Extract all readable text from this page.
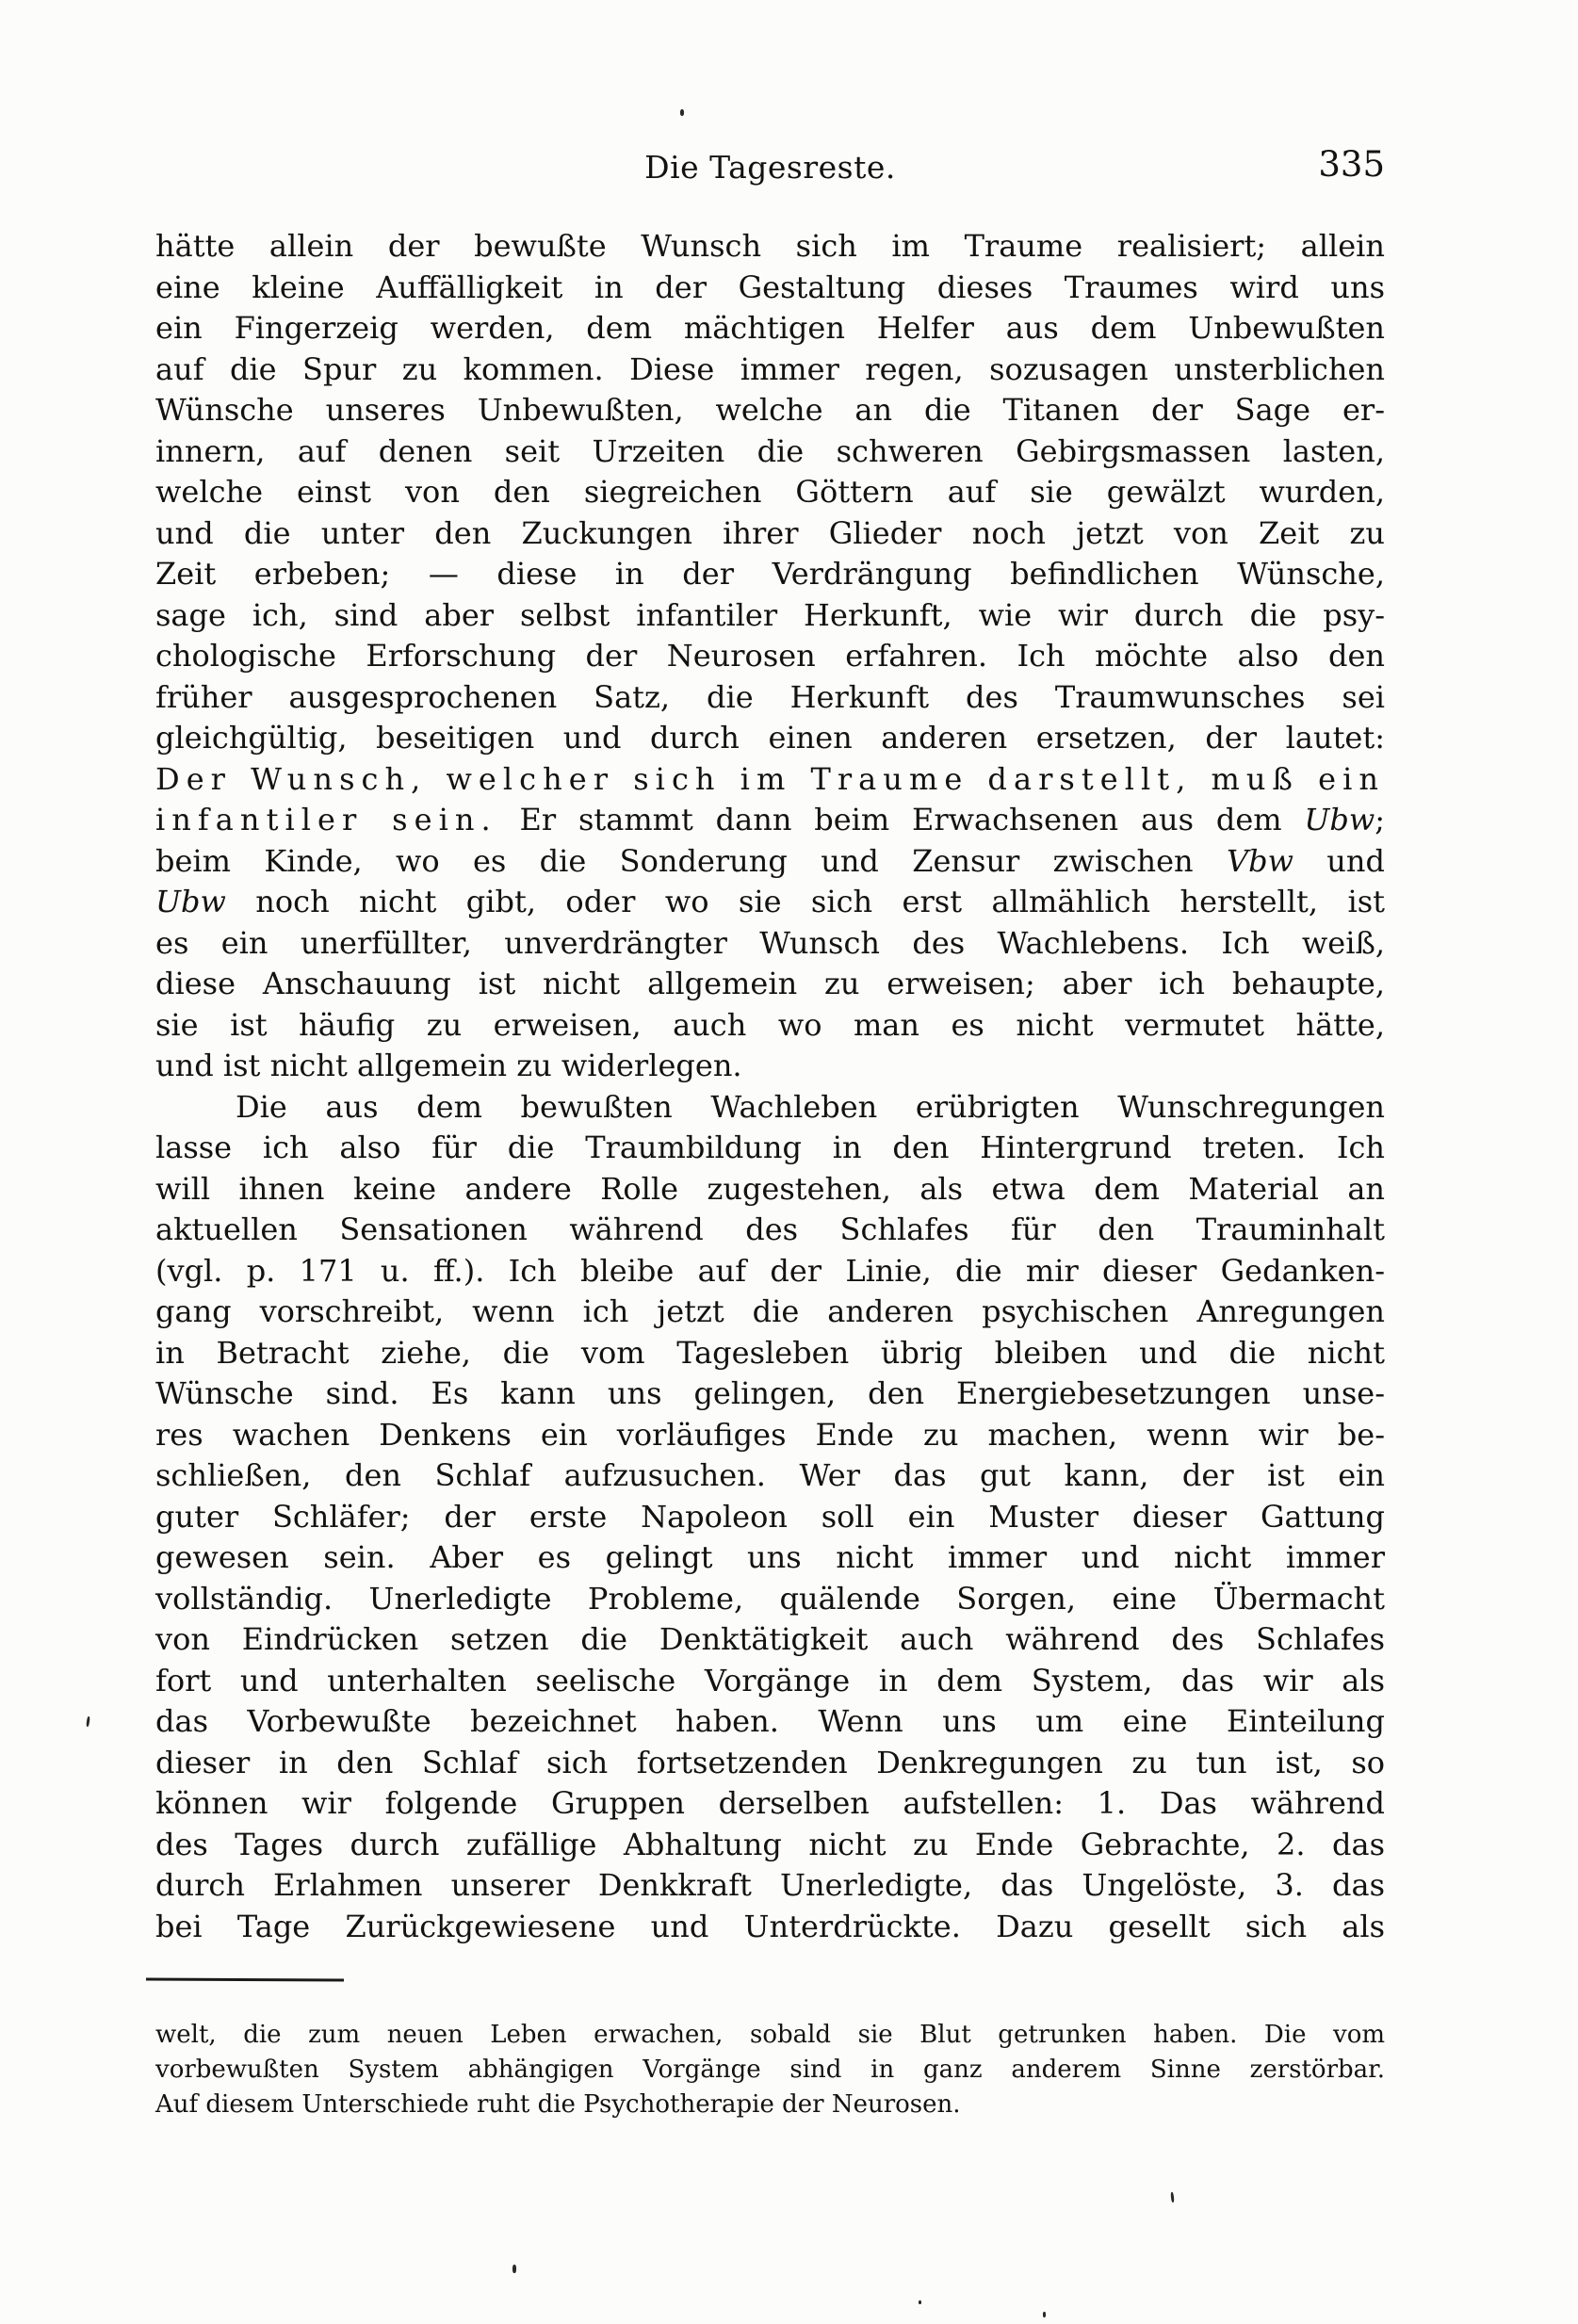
Die Tagesreste.	335
hätte allein der bewußte Wunsch sich im Traume realisiert; allein
eine kleine Auffälligkeit in der Gestaltung dieses Traumes wird uns
ein Fingerzeig werden, dem mächtigen Helfer aus dem Unbewußten
auf die Spur zu kommen. Diese immer regen, sozusagen unsterblichen
Wünsche unseres Unbewußten, welche an die Titanen der Sage er-
innern, auf denen seit Urzeiten die schweren Gebirgsmassen lasten,
welche einst von den siegreichen Göttern auf sie gewälzt wurden,
und die unter den Zuckungen ihrer Glieder noch jetzt von Zeit zu
Zeit erbeben; — diese in der Verdrängung befindlichen Wünsche,
sage ich, sind aber selbst infantiler Herkunft, wie wir durch die psy-
chologische Erforschung der Neurosen erfahren. Ich möchte also den
früher ausgesprochenen Satz, die Herkunft des Traumwunsches sei
gleichgültig, beseitigen und durch einen anderen ersetzen, der lautet:
Der Wunsch, welcher sich im Traume darstellt, muß ein
infantiler sein. Er stammt dann beim Erwachsenen aus dem Ubw;
beim Kinde, wo es die Sonderung und Zensur zwischen Vbw und
Ubw noch nicht gibt, oder wo sie sich erst allmählich herstellt, ist
es ein unerfüllter, unverdrängter Wunsch des Wachlebens. Ich weiß,
diese Anschauung ist nicht allgemein zu erweisen; aber ich behaupte,
sie ist häufig zu erweisen, auch wo man es nicht vermutet hätte,
und ist nicht allgemein zu widerlegen.
Die aus dem bewußten Wachleben erübrigten Wunschregungen
lasse ich also für die Traumbildung in den Hintergrund treten. Ich
will ihnen keine andere Rolle zugestehen, als etwa dem Material an
aktuellen Sensationen während des Schlafes für den Trauminhalt
(vgl. p. 171 u. ff.). Ich bleibe auf der Linie, die mir dieser Gedanken-
gang vorschreibt, wenn ich jetzt die anderen psychischen Anregungen
in Betracht ziehe, die vom Tagesleben übrig bleiben und die nicht
Wünsche sind. Es kann uns gelingen, den Energiebesetzungen unse-
res wachen Denkens ein vorläufiges Ende zu machen, wenn wir be-
schließen, den Schlaf aufzusuchen. Wer das gut kann, der ist ein
guter Schläfer; der erste Napoleon soll ein Muster dieser Gattung
gewesen sein. Aber es gelingt uns nicht immer und nicht immer
vollständig. Unerledigte Probleme, quälende Sorgen, eine Übermacht
von Eindrücken setzen die Denktätigkeit auch während des Schlafes
fort und unterhalten seelische Vorgänge in dem System, das wir als
das Vorbewußte bezeichnet haben. Wenn uns um eine Einteilung
dieser in den Schlaf sich fortsetzenden Denkregungen zu tun ist, so
können wir folgende Gruppen derselben aufstellen: 1. Das während
des Tages durch zufällige Abhaltung nicht zu Ende Gebrachte, 2. das
durch Erlahmen unserer Denkkraft Unerledigte, das Ungelöste, 3. das
bei Tage Zurückgewiesene und Unterdrückte. Dazu gesellt sich als
welt, die zum neuen Leben erwachen, sobald sie Blut getrunken haben. Die vom
vorbewußten System abhängigen Vorgänge sind in ganz anderem Sinne zerstörbar.
Auf diesem Unterschiede ruht die Psychotherapie der Neurosen.
